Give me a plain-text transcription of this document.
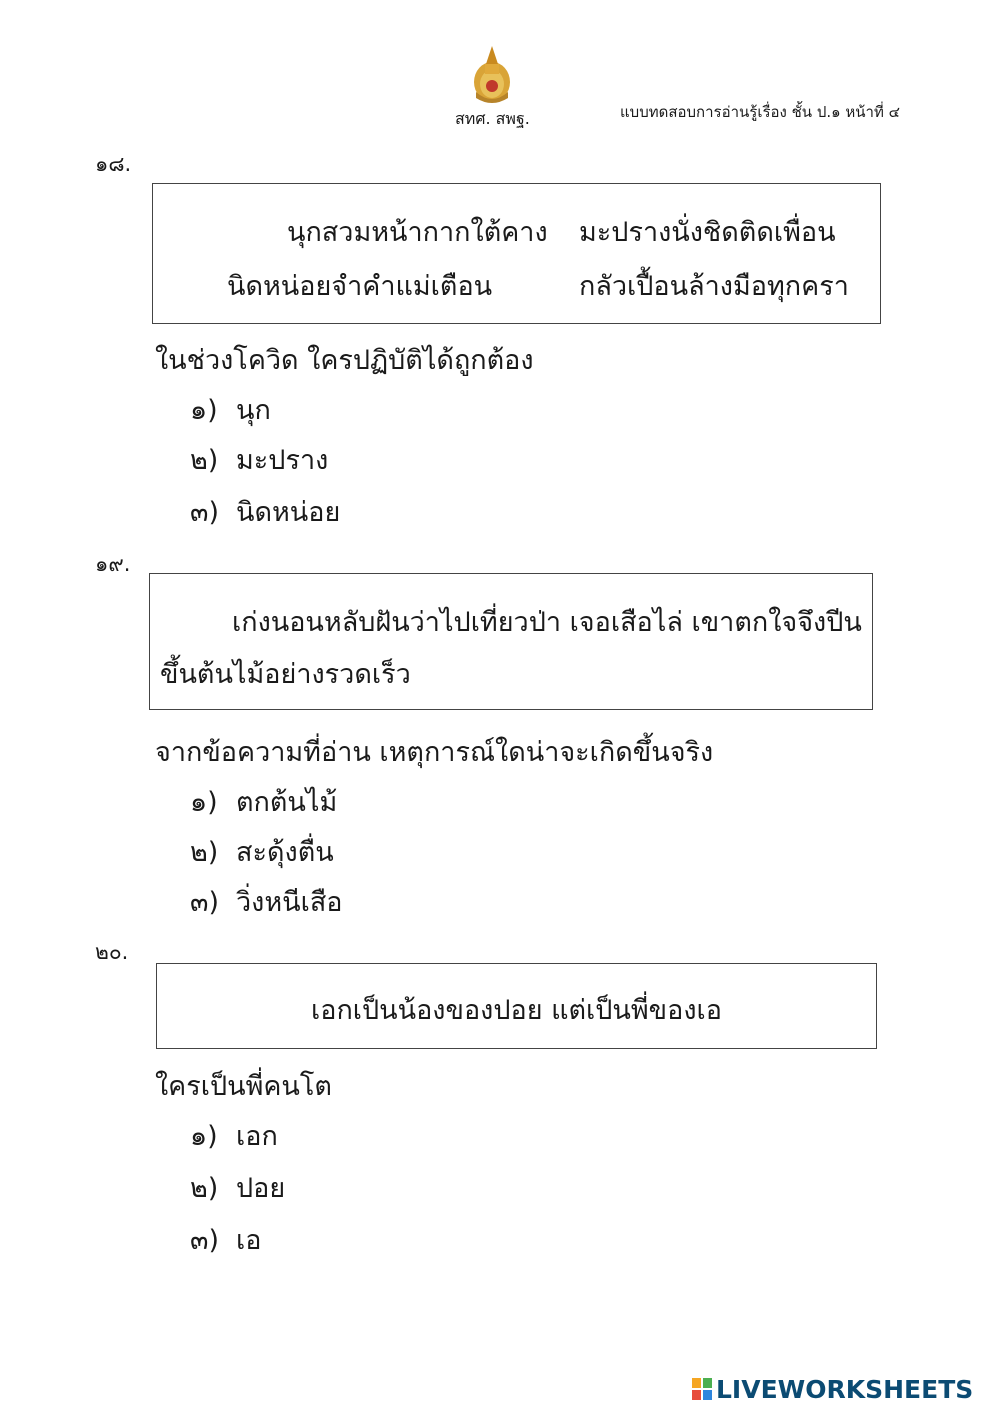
สทศ. สพฐ.	แบบทดสอบการอ่านรู้เรื่อง ชั้น ป.๑ หน้าที่ ๔
๑๘.
นุกสวมหน้ากากใต้คาง มะปรางนั่งชิดติดเพื่อน
นิดหน่อยจำคำแม่เตือน	กลัวเปื้อนล้างมือทุกครา
ในช่วงโควิด ใครปฏิบัติได้ถูกต้อง
๑) นุก
๒) มะปราง
๓) นิดหน่อย
๑๙.
เก่งนอนหลับฝันว่าไปเที่ยวป่า เจอเสือไล่ เขาตกใจจึงปีน
ขึ้นต้นไม้อย่างรวดเร็ว
จากข้อความที่อ่าน เหตุการณ์ใดน่าจะเกิดขึ้นจริง
๑) ตกต้นไม้
๒) สะดุ้งตื่น
๓) วิ่งหนีเสือ
๒๐.
เอกเป็นน้องของปอย แต่เป็นพี่ของเอ
ใครเป็นพี่คนโต
๑) เอก
๒) ปอย
๓) เอ
LIVEWORKSHEETS
